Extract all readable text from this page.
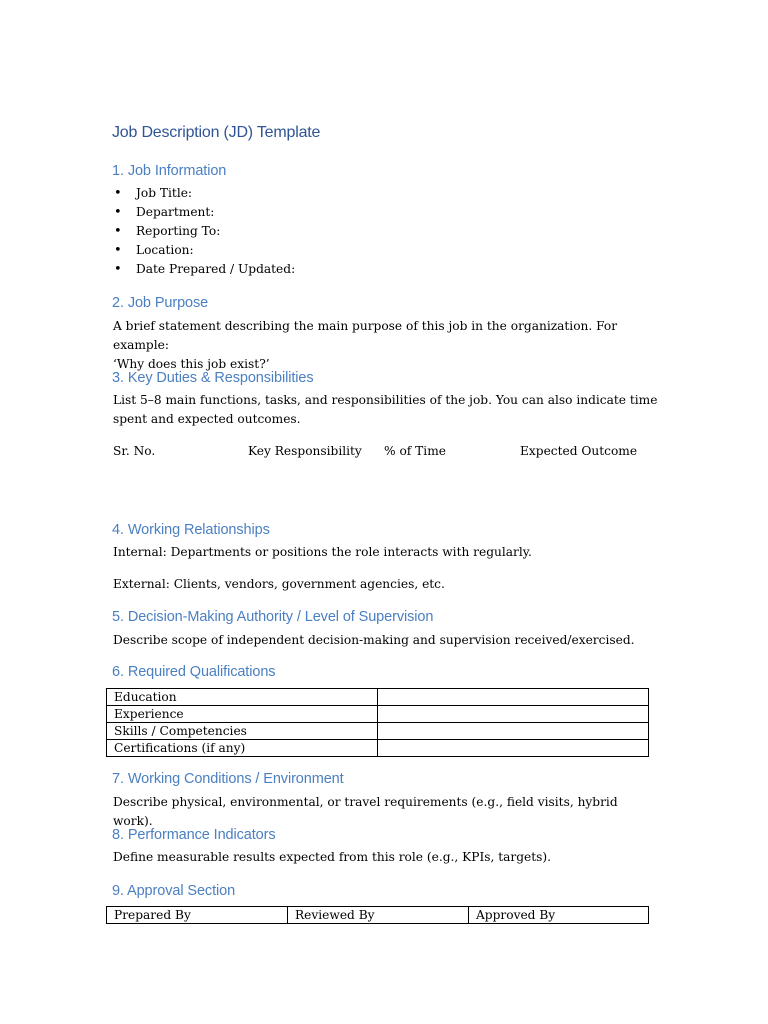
Job Description (JD) Template
1. Job Information
• Job Title:
• Department:
• Reporting To:
• Location:
• Date Prepared / Updated:
2. Job Purpose
A brief statement describing the main purpose of this job in the organization. For example:
‘Why does this job exist?’
3. Key Duties & Responsibilities
List 5–8 main functions, tasks, and responsibilities of the job. You can also indicate time
spent and expected outcomes.
Sr. No.	Key Responsibility % of Time	Expected Outcome
4. Working Relationships
Internal: Departments or positions the role interacts with regularly.
External: Clients, vendors, government agencies, etc.
5. Decision-Making Authority / Level of Supervision
Describe scope of independent decision-making and supervision received/exercised.
6. Required Qualifications
Education	
Experience	
Skills / Competencies	
Certifications (if any)	
7. Working Conditions / Environment
Describe physical, environmental, or travel requirements (e.g., field visits, hybrid work).
8. Performance Indicators
Define measurable results expected from this role (e.g., KPIs, targets).
9. Approval Section
Prepared By	Reviewed By	Approved By
